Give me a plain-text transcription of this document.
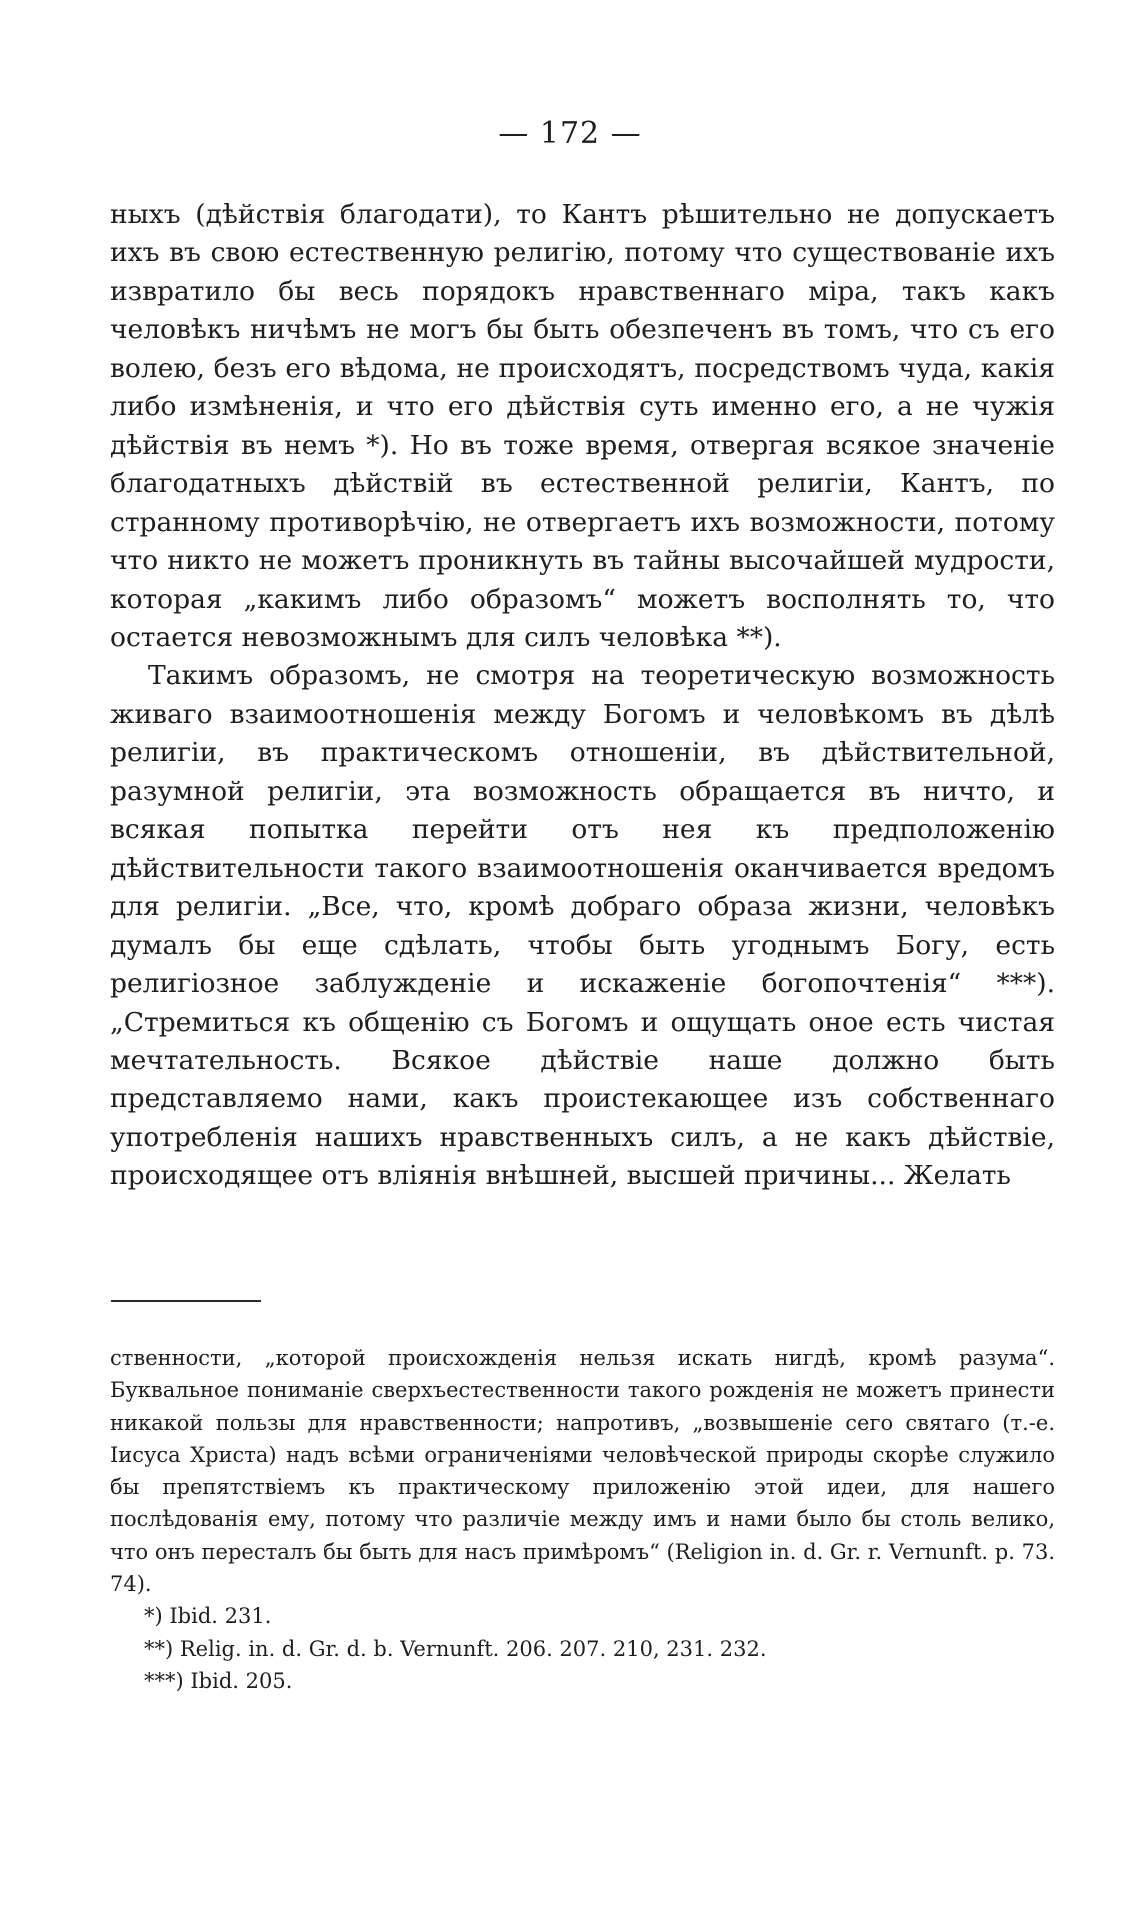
— 172 —

ныхъ (дѣйствія благодати), то Кантъ рѣшительно не допускаетъ ихъ въ свою естественную религію, потому что существованіе ихъ извратило бы весь порядокъ нравственнаго міра, такъ какъ человѣкъ ничѣмъ не могъ бы быть обезпеченъ въ томъ, что съ его волею, безъ его вѣдома, не происходятъ, посредствомъ чуда, какія либо измѣненія, и что его дѣйствія суть именно его, а не чужія дѣйствія въ немъ *). Но въ тоже время, отвергая всякое значеніе благодатныхъ дѣйствій въ естественной религіи, Кантъ, по странному противорѣчію, не отвергаетъ ихъ возможности, потому что никто не можетъ проникнуть въ тайны высочайшей мудрости, которая „какимъ либо образомъ“ можетъ восполнять то, что остается невозможнымъ для силъ человѣка **).

Такимъ образомъ, не смотря на теоретическую возможность живаго взаимоотношенія между Богомъ и человѣкомъ въ дѣлѣ религіи, въ практическомъ отношеніи, въ дѣйствительной, разумной религіи, эта возможность обращается въ ничто, и всякая попытка перейти отъ нея къ предположенію дѣйствительности такого взаимоотношенія оканчивается вредомъ для религіи. „Все, что, кромѣ добраго образа жизни, человѣкъ думалъ бы еще сдѣлать, чтобы быть угоднымъ Богу, есть религіозное заблужденіе и искаженіе богопочтенія“ ***). „Стремиться къ общенію съ Богомъ и ощущать оное есть чистая мечтательность. Всякое дѣйствіе наше должно быть представляемо нами, какъ проистекающее изъ собственнаго употребленія нашихъ нравственныхъ силъ, а не какъ дѣйствіе, происходящее отъ вліянія внѣшней, высшей причины... Желать

ственности, „которой происхожденія нельзя искать нигдѣ, кромѣ разума“. Буквальное пониманіе сверхъестественности такого рожденія не можетъ принести никакой пользы для нравственности; напротивъ, „возвышеніе сего святаго (т.-е. Іисуса Христа) надъ всѣми ограниченіями человѣческой природы скорѣе служило бы препятствіемъ къ практическому приложенію этой идеи, для нашего послѣдованія ему, потому что различіе между имъ и нами было бы столь велико, что онъ пересталъ бы быть для насъ примѣромъ“ (Religion in. d. Gr. r. Vernunft. p. 73. 74).

*) Ibid. 231.

**) Relig. in. d. Gr. d. b. Vernunft. 206. 207. 210, 231. 232.

***) Ibid. 205.
